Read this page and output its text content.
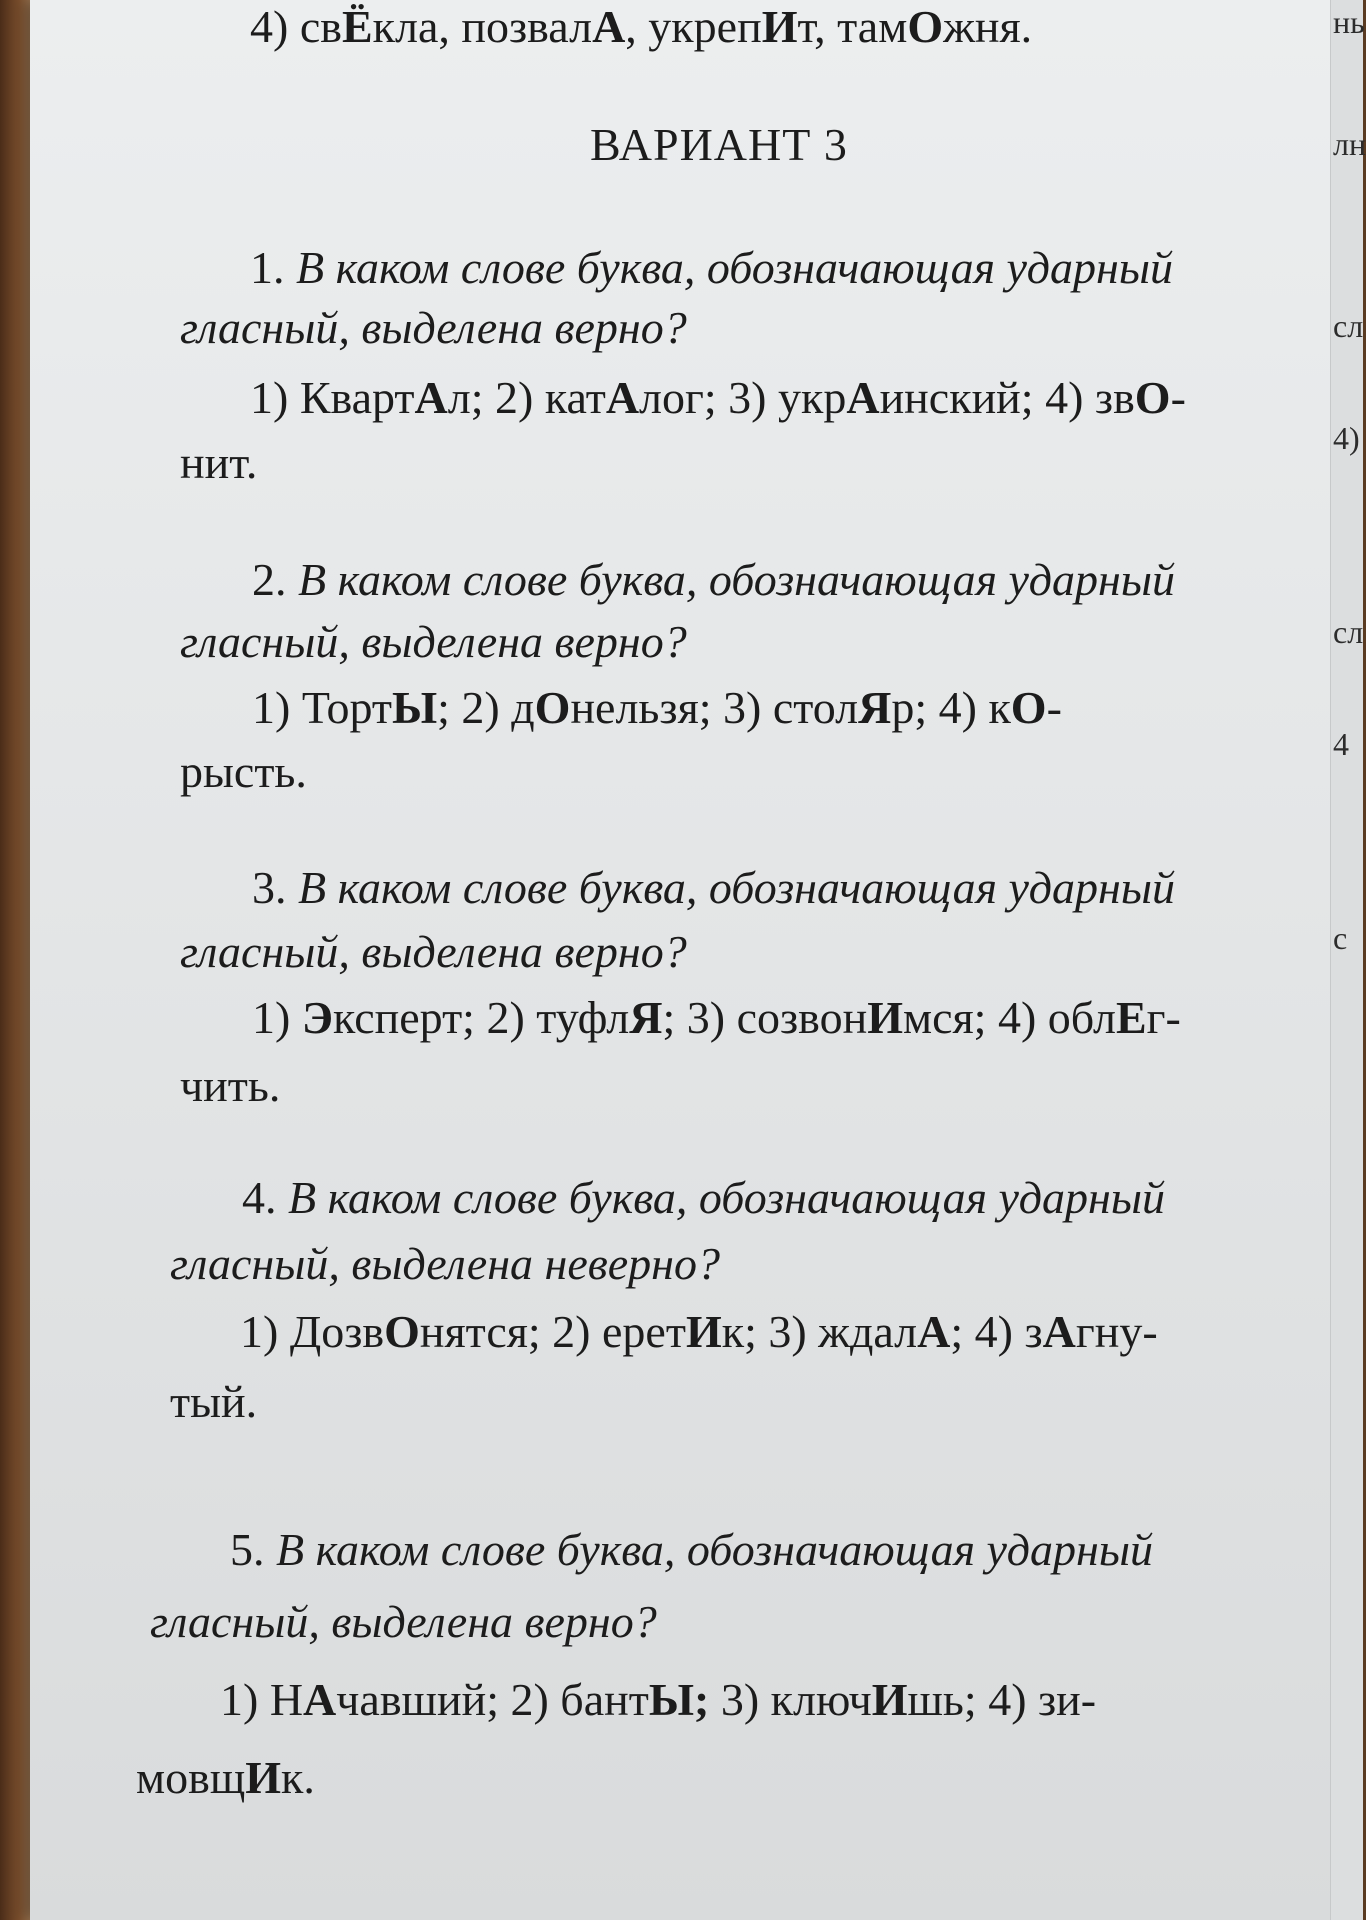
4) свЁкла, позвалА, укрепИт, тамОжня.
ВАРИАНТ 3
1. В каком слове буква, обозначающая ударный
гласный, выделена верно?
1) КвартАл; 2) катАлог; 3) укрАинский; 4) звО-
нит.
2. В каком слове буква, обозначающая ударный
гласный, выделена верно?
1) ТортЫ; 2) дОнельзя; 3) столЯр; 4) кО-
рысть.
3. В каком слове буква, обозначающая ударный
гласный, выделена верно?
1) Эксперт; 2) туфлЯ; 3) созвонИмся; 4) облЕг-
чить.
4. В каком слове буква, обозначающая ударный
гласный, выделена неверно?
1) ДозвОнятся; 2) еретИк; 3) ждалА; 4) зАгну-
тый.
5. В каком слове буква, обозначающая ударный
гласный, выделена верно?
1) НАчавший; 2) бантЫ; 3) ключИшь; 4) зи-
мовщИк.
нь
лн
сл
4)
сл
4
с
